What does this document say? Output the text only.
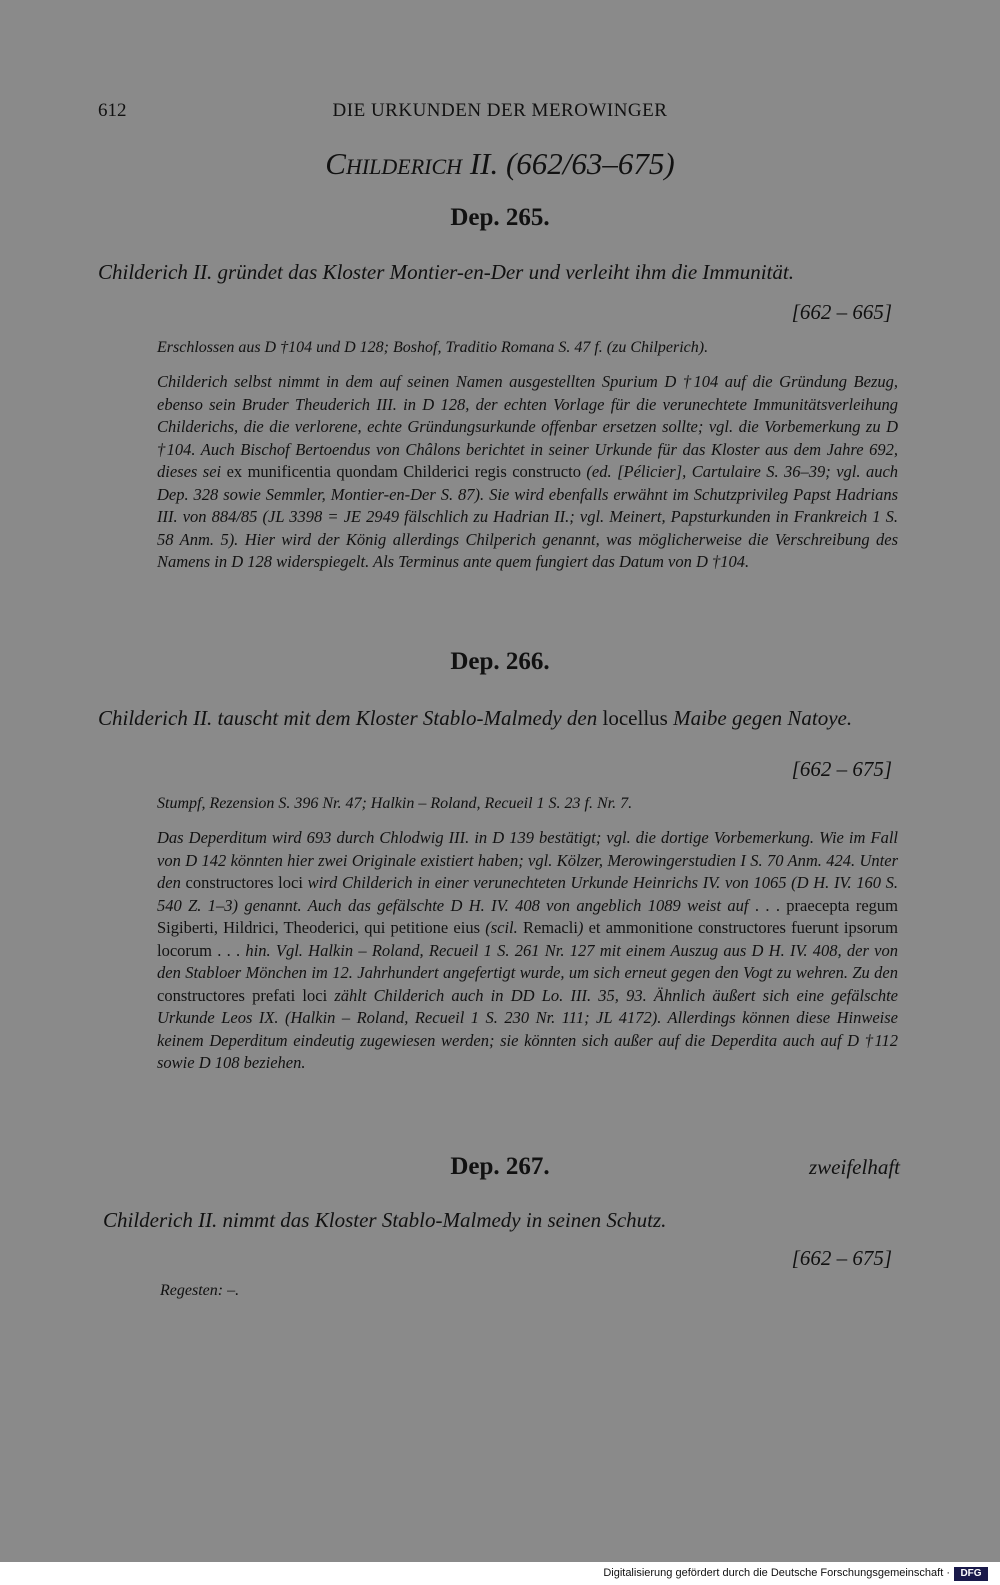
612	DIE URKUNDEN DER MEROWINGER
Childerich II. (662/63–675)
Dep. 265.
Childerich II. gründet das Kloster Montier-en-Der und verleiht ihm die Immunität.
[662 – 665]
Erschlossen aus D †104 und D 128; Boshof, Traditio Romana S. 47 f. (zu Chilperich).
Childerich selbst nimmt in dem auf seinen Namen ausgestellten Spurium D †104 auf die Gründung Bezug, ebenso sein Bruder Theuderich III. in D 128, der echten Vorlage für die verunechtete Immunitätsverleihung Childerichs, die die verlorene, echte Gründungsurkunde offenbar ersetzen sollte; vgl. die Vorbemerkung zu D †104. Auch Bischof Bertoendus von Châlons berichtet in seiner Urkunde für das Kloster aus dem Jahre 692, dieses sei ex munificentia quondam Childerici regis constructo (ed. [Pélicier], Cartulaire S. 36–39; vgl. auch Dep. 328 sowie Semmler, Montier-en-Der S. 87). Sie wird ebenfalls erwähnt im Schutzprivileg Papst Hadrians III. von 884/85 (JL 3398 = JE 2949 fälschlich zu Hadrian II.; vgl. Meinert, Papsturkunden in Frankreich 1 S. 58 Anm. 5). Hier wird der König allerdings Chilperich genannt, was möglicherweise die Verschreibung des Namens in D 128 widerspiegelt. Als Terminus ante quem fungiert das Datum von D †104.
Dep. 266.
Childerich II. tauscht mit dem Kloster Stablo-Malmedy den locellus Maibe gegen Natoye.
[662 – 675]
Stumpf, Rezension S. 396 Nr. 47; Halkin – Roland, Recueil 1 S. 23 f. Nr. 7.
Das Deperditum wird 693 durch Chlodwig III. in D 139 bestätigt; vgl. die dortige Vorbemerkung. Wie im Fall von D 142 könnten hier zwei Originale existiert haben; vgl. Kölzer, Merowingerstudien I S. 70 Anm. 424. Unter den constructores loci wird Childerich in einer verunechteten Urkunde Heinrichs IV. von 1065 (D H. IV. 160 S. 540 Z. 1–3) genannt. Auch das gefälschte D H. IV. 408 von angeblich 1089 weist auf . . . praecepta regum Sigiberti, Hildrici, Theoderici, qui petitione eius (scil. Remacli) et ammonitione constructores fuerunt ipsorum locorum . . . hin. Vgl. Halkin – Roland, Recueil 1 S. 261 Nr. 127 mit einem Auszug aus D H. IV. 408, der von den Stabloer Mönchen im 12. Jahrhundert angefertigt wurde, um sich erneut gegen den Vogt zu wehren. Zu den constructores prefati loci zählt Childerich auch in DD Lo. III. 35, 93. Ähnlich äußert sich eine gefälschte Urkunde Leos IX. (Halkin – Roland, Recueil 1 S. 230 Nr. 111; JL 4172). Allerdings können diese Hinweise keinem Deperditum eindeutig zugewiesen werden; sie könnten sich außer auf die Deperdita auch auf D †112 sowie D 108 beziehen.
Dep. 267.	zweifelhaft
Childerich II. nimmt das Kloster Stablo-Malmedy in seinen Schutz.
[662 – 675]
Regesten: –.
Digitalisierung gefördert durch die Deutsche Forschungsgemeinschaft ·	DFG
